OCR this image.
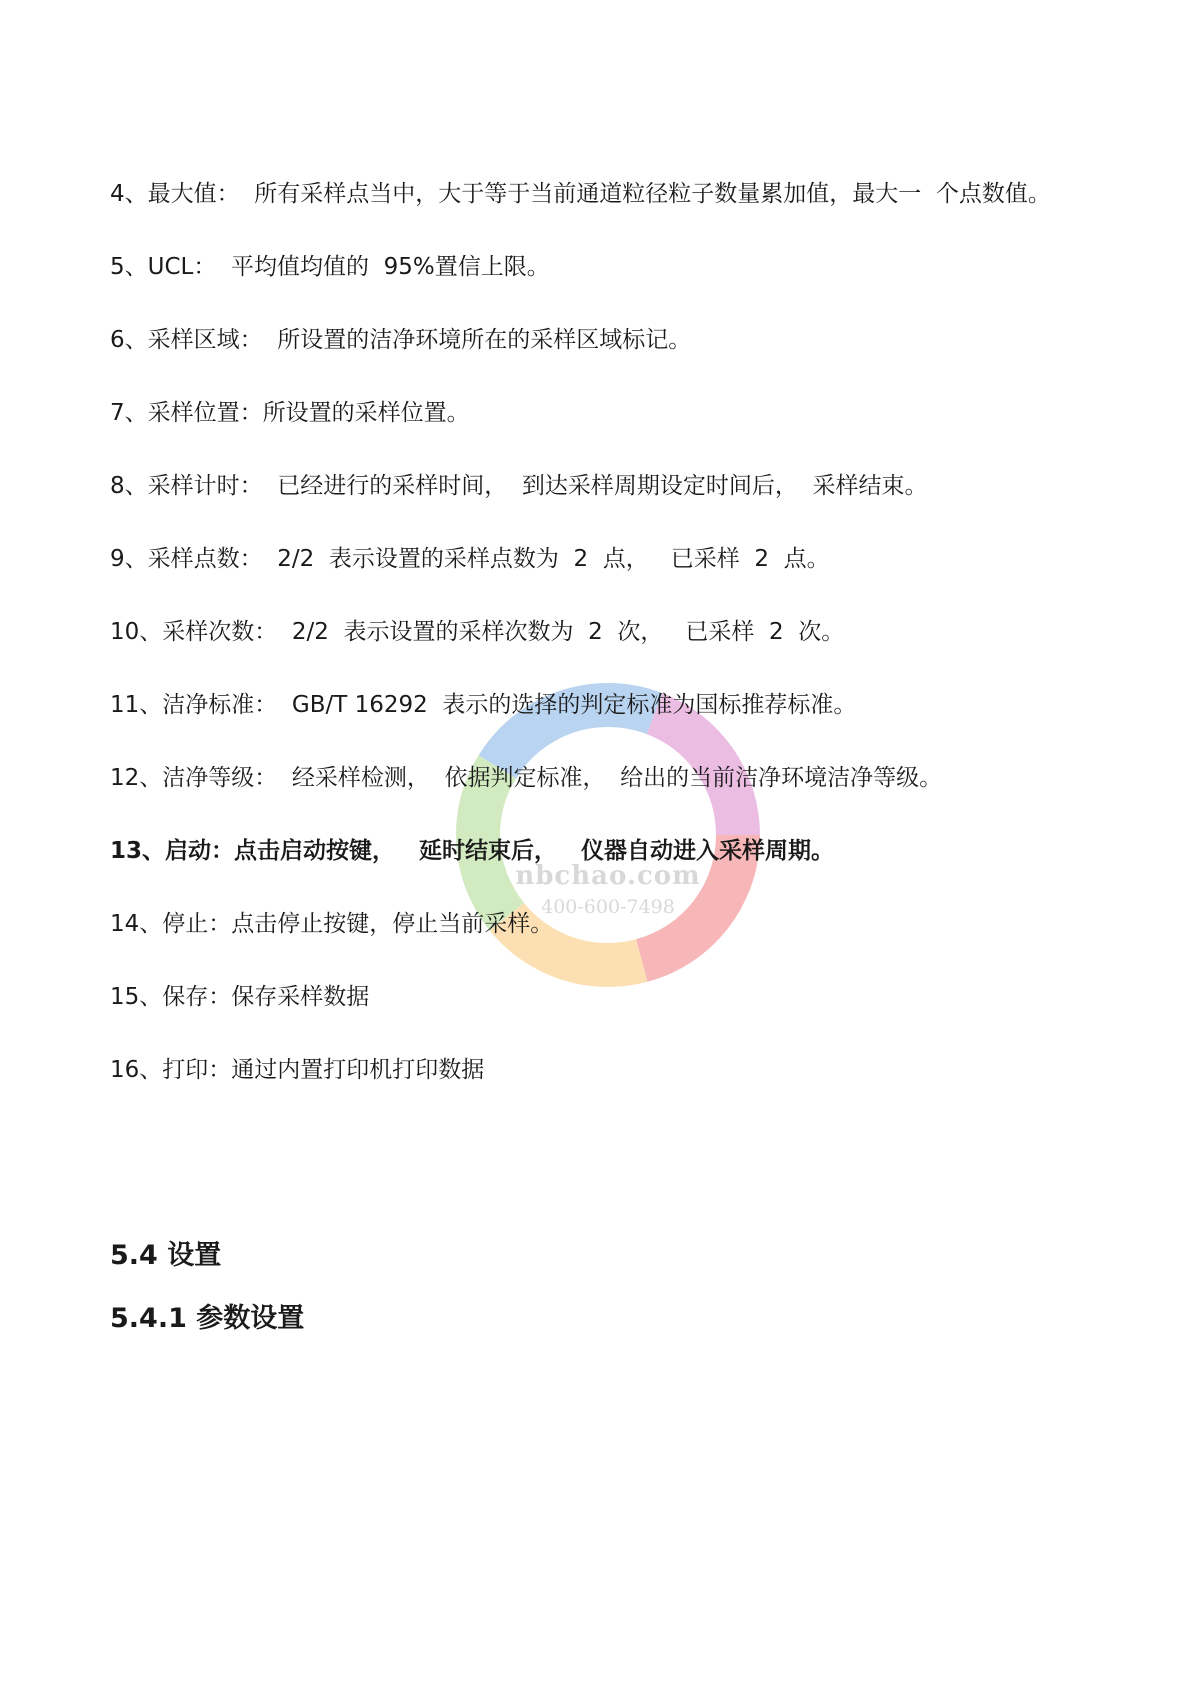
nbchao.com
400-600-7498
4、最大值：  所有采样点当中，大于等于当前通道粒径粒子数量累加值，最大一  个点数值。
5、UCL：  平均值均值的  95%置信上限。
6、采样区域：  所设置的洁净环境所在的采样区域标记。
7、采样位置：所设置的采样位置。
8、采样计时：  已经进行的采样时间，  到达采样周期设定时间后，  采样结束。
9、采样点数：  2/2  表示设置的采样点数为  2  点，   已采样  2  点。
10、采样次数：  2/2  表示设置的采样次数为  2  次，   已采样  2  次。
11、洁净标准：  GB/T 16292  表示的选择的判定标准为国标推荐标准。
12、洁净等级：  经采样检测，  依据判定标准，  给出的当前洁净环境洁净等级。
13、启动：点击启动按键，   延时结束后，   仪器自动进入采样周期。
14、停止：点击停止按键，停止当前采样。
15、保存：保存采样数据
16、打印：通过内置打印机打印数据
5.4 设置
5.4.1 参数设置
